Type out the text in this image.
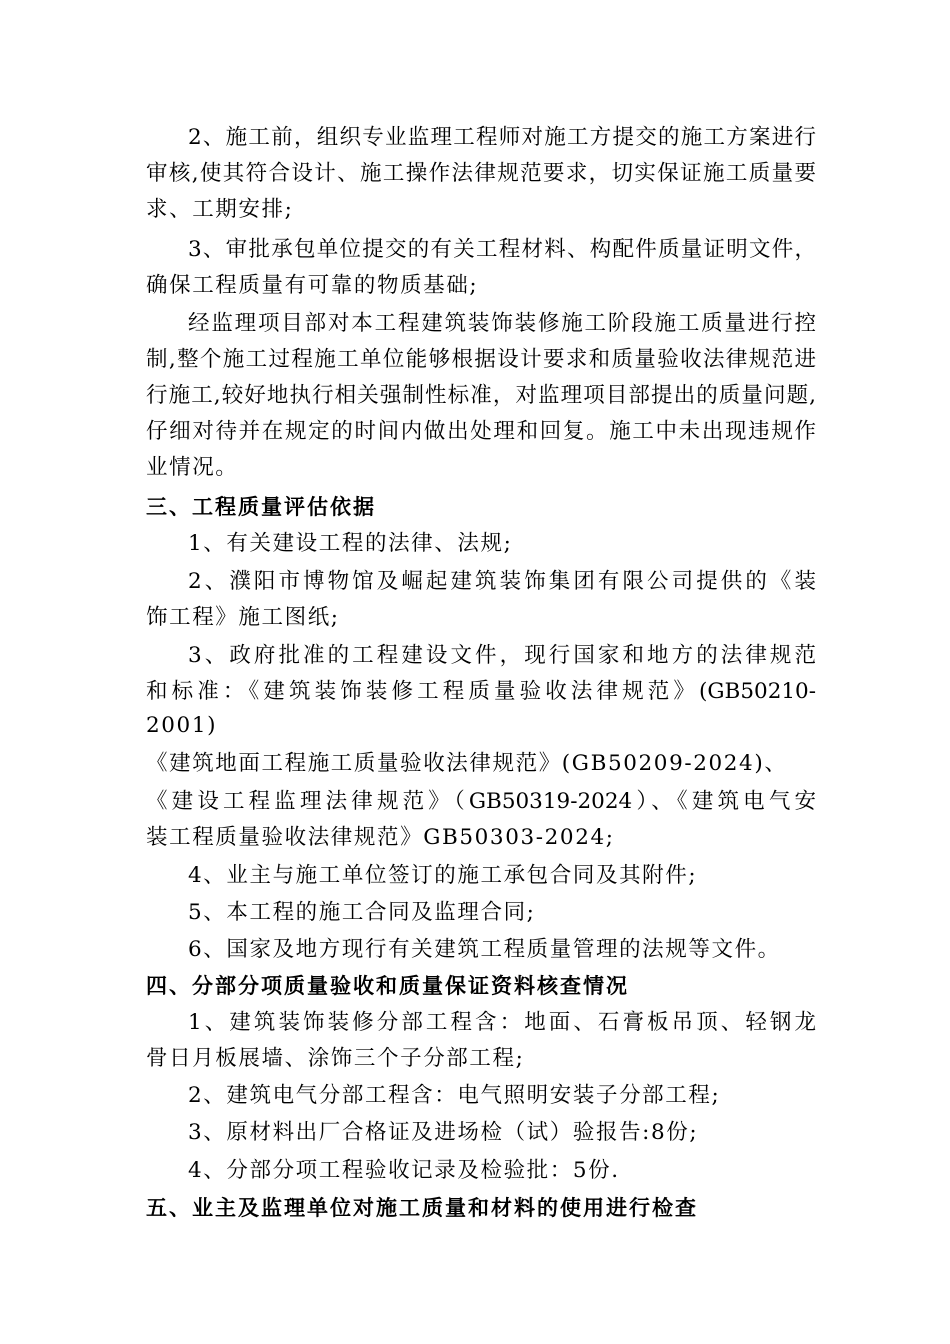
2、施工前，组织专业监理工程师对施工方提交的施工方案进行
审核,使其符合设计、施工操作法律规范要求，切实保证施工质量要
求、工期安排;
3、审批承包单位提交的有关工程材料、构配件质量证明文件，
确保工程质量有可靠的物质基础;
经监理项目部对本工程建筑装饰装修施工阶段施工质量进行控
制,整个施工过程施工单位能够根据设计要求和质量验收法律规范进
行施工,较好地执行相关强制性标准，对监理项目部提出的质量问题,
仔细对待并在规定的时间内做出处理和回复。施工中未出现违规作
业情况。
三、工程质量评估依据
1、有关建设工程的法律、法规;
2、濮阳市博物馆及崛起建筑装饰集团有限公司提供的《装
饰工程》施工图纸;
3、政府批准的工程建设文件，现行国家和地方的法律规范
和标准：《建筑装饰装修工程质量验收法律规范》(GB50210-
2001)
《建筑地面工程施工质量验收法律规范》(GB50209-2024)、
《建设工程监理法律规范》（GB50319-2024）、《建筑电气安
装工程质量验收法律规范》GB50303-2024;
4、业主与施工单位签订的施工承包合同及其附件;
5、本工程的施工合同及监理合同;
6、国家及地方现行有关建筑工程质量管理的法规等文件。
四、分部分项质量验收和质量保证资料核查情况
1、建筑装饰装修分部工程含：地面、石膏板吊顶、轻钢龙
骨日月板展墙、涂饰三个子分部工程;
2、建筑电气分部工程含：电气照明安装子分部工程;
3、原材料出厂合格证及进场检（试）验报告:8份;
4、分部分项工程验收记录及检验批：5份.
五、业主及监理单位对施工质量和材料的使用进行检查
